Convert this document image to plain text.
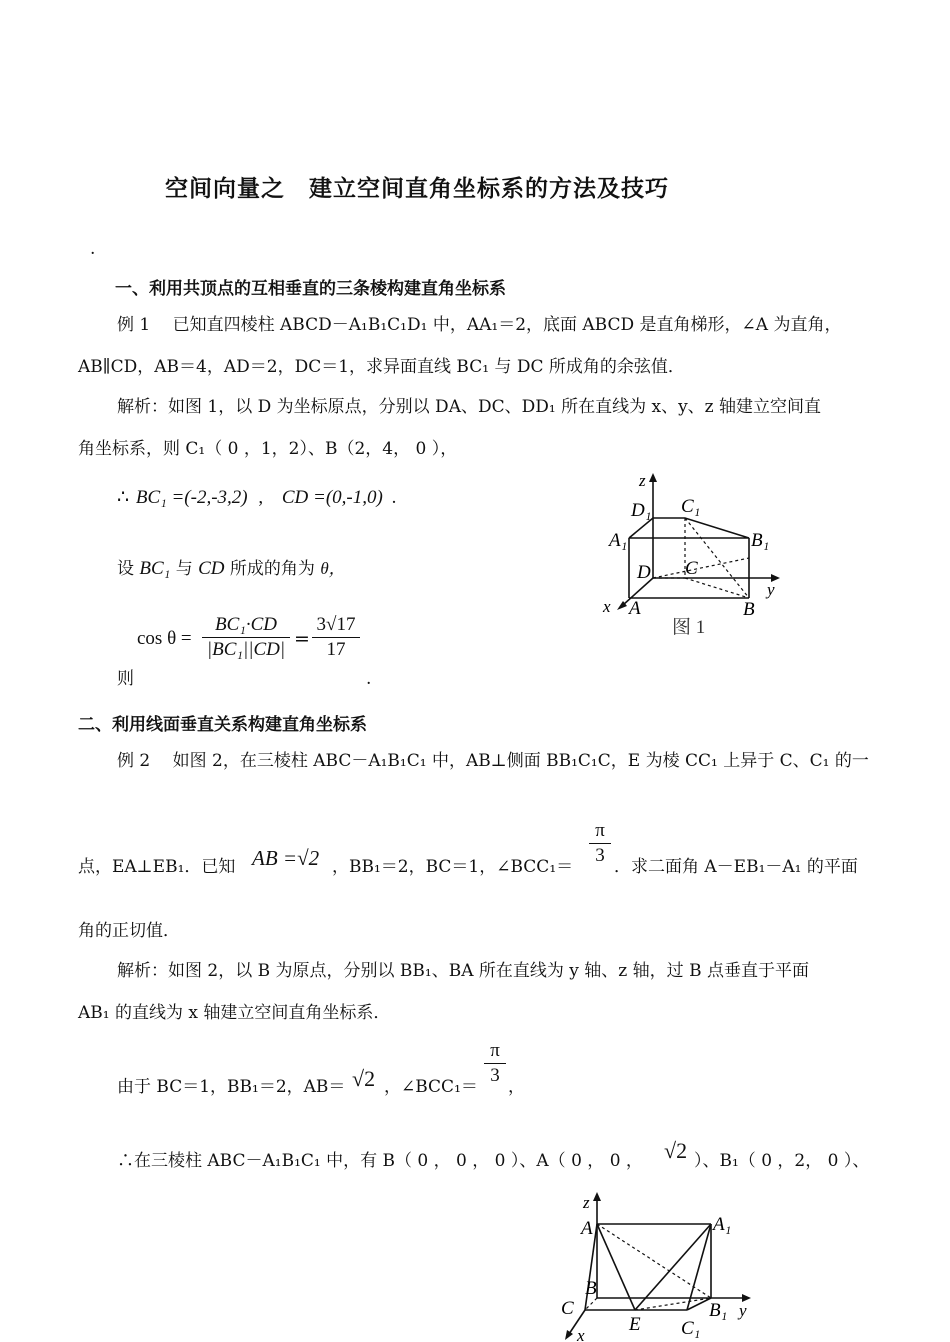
空间向量之　建立空间直角坐标系的方法及技巧
.
一、利用共顶点的互相垂直的三条棱构建直角坐标系
例 1　 已知直四棱柱 ABCD－A₁B₁C₁D₁ 中，AA₁＝2，底面 ABCD 是直角梯形，∠A 为直角，
AB∥CD，AB＝4，AD＝2，DC＝1，求异面直线 BC₁ 与 DC 所成角的余弦值．
解析：如图 1，以 D 为坐标原点，分别以 DA、DC、DD₁ 所在直线为 x、y、z 轴建立空间直
角坐标系，则 C₁（ 0 ，1，2）、B（2，4， 0 ），
∴ BC₁ =(-2,-3,2) , CD =(0,-1,0) .
设 BC₁ 与 CD 所成的角为 θ，
cos θ =
BC₁·CD
|BC₁||CD| =
3√17
17
则	.
z
D₁ C₁
A₁	B₁
D C
y
x A	B
图 1
二、利用线面垂直关系构建直角坐标系
例 2　 如图 2，在三棱柱 ABC－A₁B₁C₁ 中，AB⊥侧面 BB₁C₁C，E 为棱 CC₁ 上异于 C、C₁ 的一
点，EA⊥EB₁．已知 AB =√2 ，BB₁＝2，BC＝1，∠BCC₁＝
π
3
．求二面角 A－EB₁－A₁ 的平面
角的正切值．
解析：如图 2，以 B 为原点，分别以 BB₁、BA 所在直线为 y 轴、z 轴，过 B 点垂直于平面
AB₁ 的直线为 x 轴建立空间直角坐标系．
由于 BC＝1，BB₁＝2，AB＝ √2 ，∠BCC₁＝
π
3
，
∴在三棱柱 ABC－A₁B₁C₁ 中，有 B（ 0 ， 0 ， 0 ）、A（ 0 ， 0 ， √2 ）、B₁（ 0 ，2， 0 ）、
z
A	A₁
B
C	B₁ y
x
E C₁
